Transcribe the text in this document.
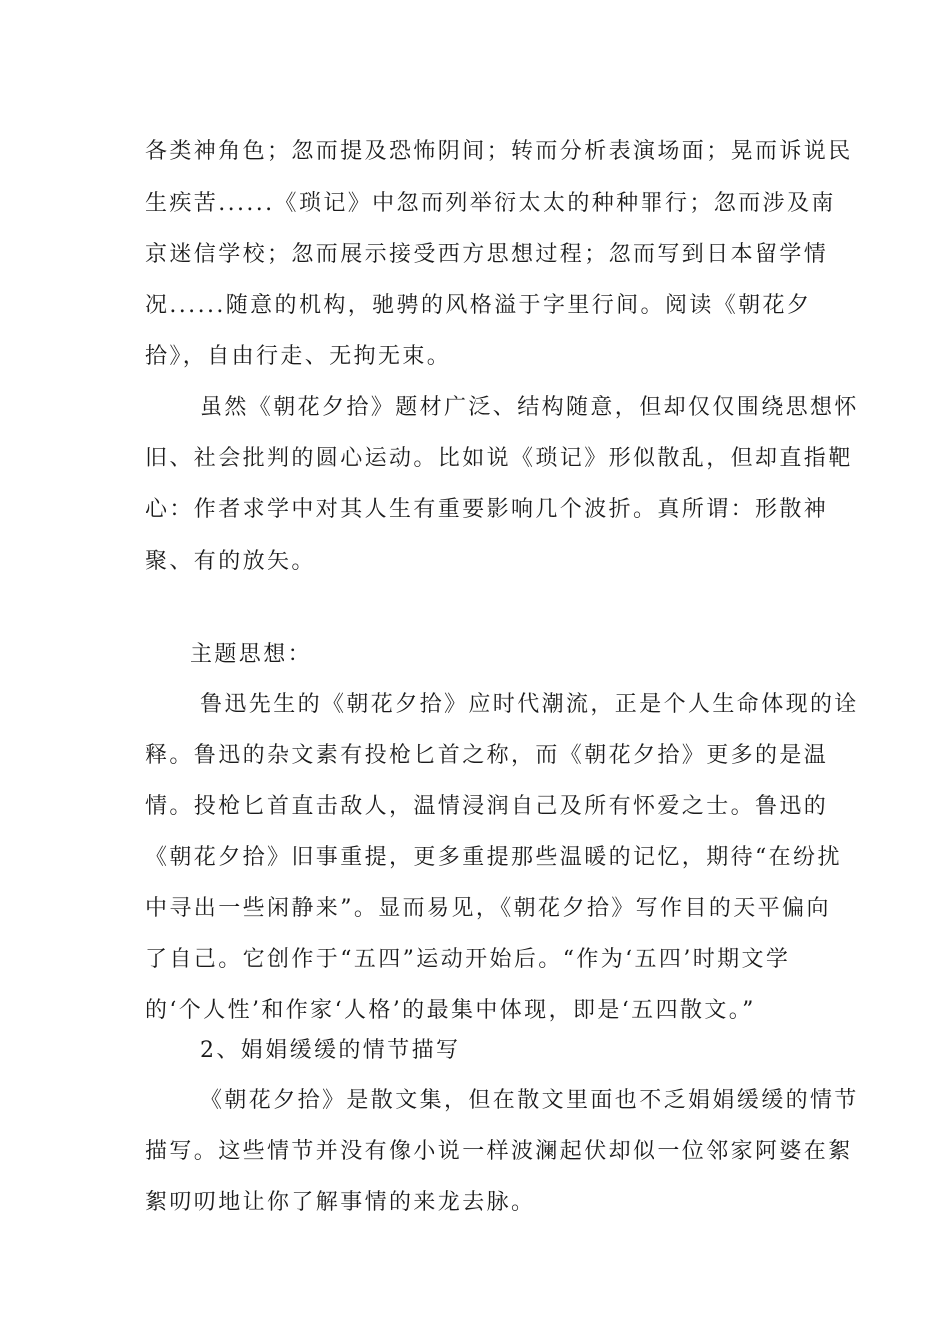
各类神角色；忽而提及恐怖阴间；转而分析表演场面；晃而诉说民
生疾苦......《琐记》中忽而列举衍太太的种种罪行；忽而涉及南
京迷信学校；忽而展示接受西方思想过程；忽而写到日本留学情
况......随意的机构，驰骋的风格溢于字里行间。阅读《朝花夕
拾》，自由行走、无拘无束。
虽然《朝花夕拾》题材广泛、结构随意，但却仅仅围绕思想怀
旧、社会批判的圆心运动。比如说《琐记》形似散乱，但却直指靶
心：作者求学中对其人生有重要影响几个波折。真所谓：形散神
聚、有的放矢。
主题思想：
鲁迅先生的《朝花夕拾》应时代潮流，正是个人生命体现的诠
释。鲁迅的杂文素有投枪匕首之称，而《朝花夕拾》更多的是温
情。投枪匕首直击敌人，温情浸润自己及所有怀爱之士。鲁迅的
《朝花夕拾》旧事重提，更多重提那些温暖的记忆，期待“在纷扰
中寻出一些闲静来”。显而易见，《朝花夕拾》写作目的天平偏向
了自己。它创作于“五四”运动开始后。“作为‘五四’时期文学
的‘个人性’和作家‘人格’的最集中体现，即是‘五四散文。”
2、娟娟缓缓的情节描写
《朝花夕拾》是散文集，但在散文里面也不乏娟娟缓缓的情节
描写。这些情节并没有像小说一样波澜起伏却似一位邻家阿婆在絮
絮叨叨地让你了解事情的来龙去脉。
